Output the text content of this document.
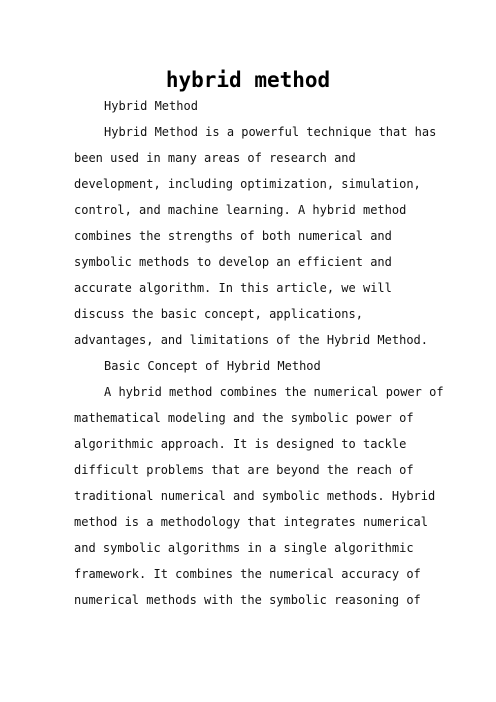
hybrid method

Hybrid Method

Hybrid Method is a powerful technique that has

been used in many areas of research and

development, including optimization, simulation,

control, and machine learning. A hybrid method

combines the strengths of both numerical and

symbolic methods to develop an efficient and

accurate algorithm. In this article, we will

discuss the basic concept, applications,

advantages, and limitations of the Hybrid Method.

Basic Concept of Hybrid Method

A hybrid method combines the numerical power of

mathematical modeling and the symbolic power of

algorithmic approach. It is designed to tackle

difficult problems that are beyond the reach of

traditional numerical and symbolic methods. Hybrid

method is a methodology that integrates numerical

and symbolic algorithms in a single algorithmic

framework. It combines the numerical accuracy of

numerical methods with the symbolic reasoning of
